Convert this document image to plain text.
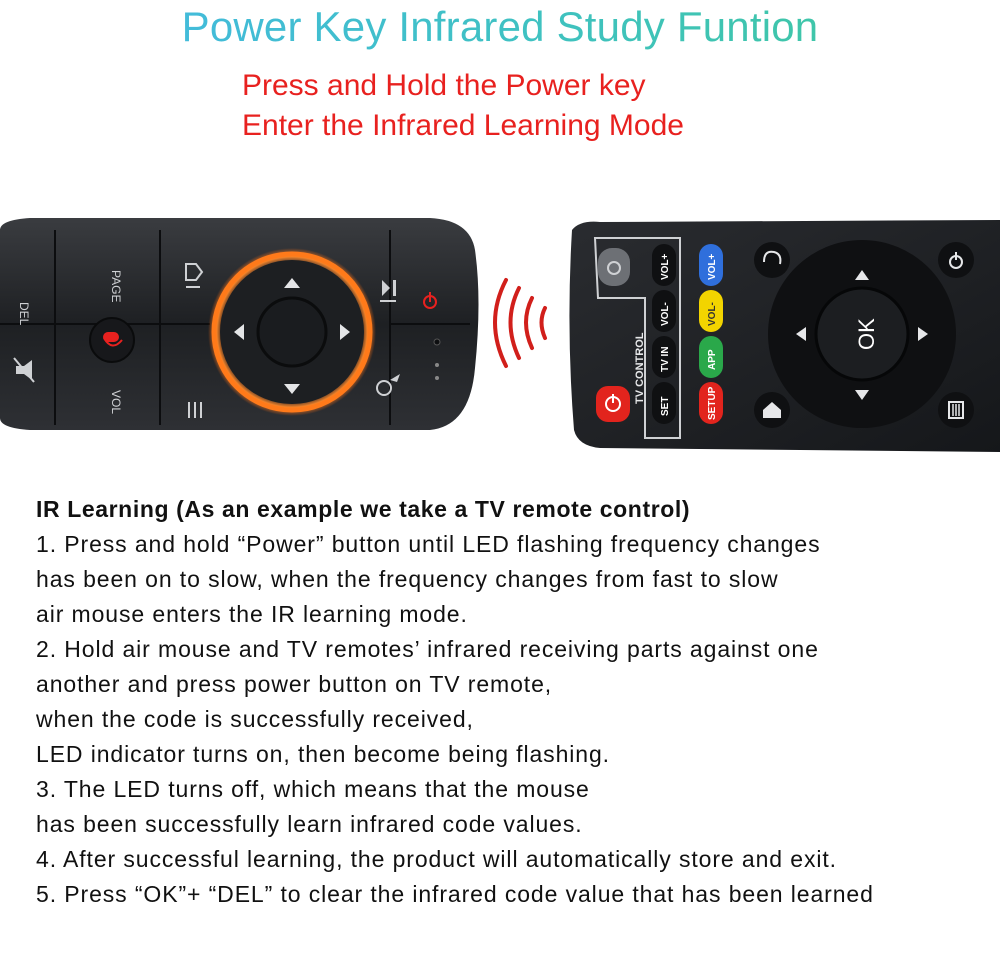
Power Key Infrared Study Funtion
Press and Hold the Power key
Enter the Infrared Learning Mode
PAGE
DEL
VOL	TV CONTROL
VOL+
VOL-
TV IN
SET
VOL+
VOL-
APP
SETUP
OK
IR Learning (As an example we take a TV remote control)
1. Press and hold “Power” button until LED flashing frequency changes
has been on to slow, when the frequency changes from fast to slow
air mouse enters the IR learning mode.
2. Hold air mouse and TV remotes’ infrared receiving parts against one
another and press power button on TV remote,
when the code is successfully received,
LED indicator turns on, then become being flashing.
3. The LED turns off, which means that the mouse
has been successfully learn infrared code values.
4. After successful learning, the product will automatically store and exit.
5. Press “OK”+ “DEL” to clear the infrared code value that has been learned
